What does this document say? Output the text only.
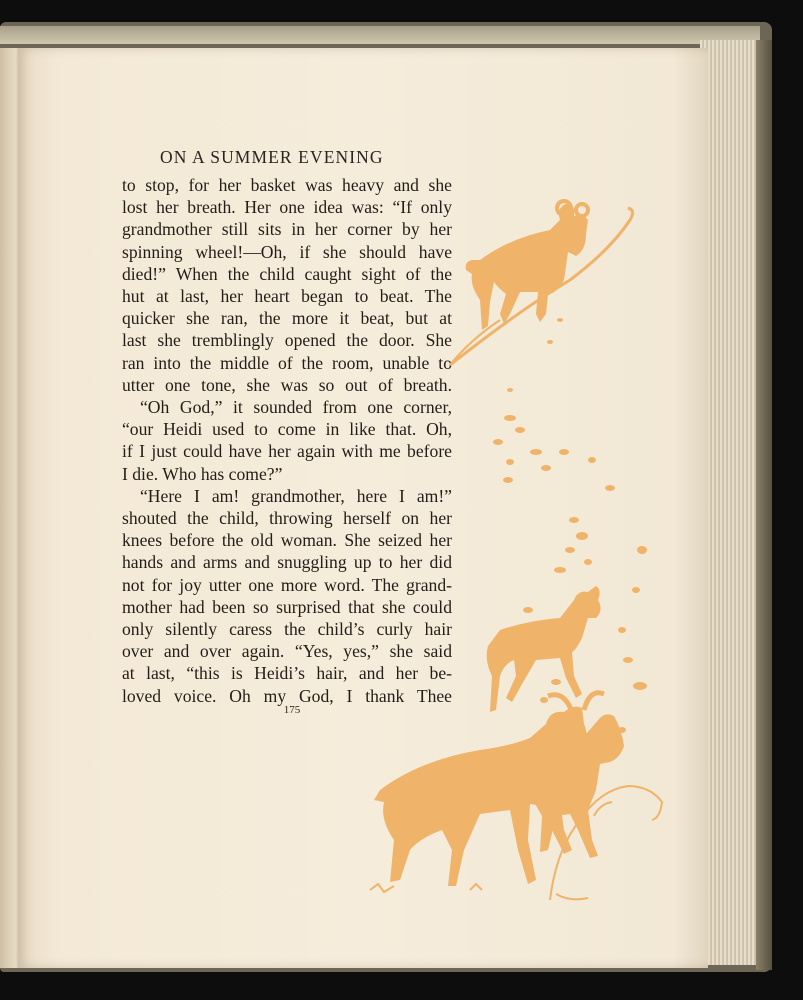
ON A SUMMER EVENING

to stop, for her basket was heavy and she

lost her breath. Her one idea was: “If only

grandmother still sits in her corner by her

spinning wheel!—Oh, if she should have

died!” When the child caught sight of the

hut at last, her heart began to beat. The

quicker she ran, the more it beat, but at

last she tremblingly opened the door. She

ran into the middle of the room, unable to

utter one tone, she was so out of breath.

“Oh God,” it sounded from one corner,

“our Heidi used to come in like that. Oh,

if I just could have her again with me before

I die. Who has come?”

“Here I am! grandmother, here I am!”

shouted the child, throwing herself on her

knees before the old woman. She seized her

hands and arms and snuggling up to her did

not for joy utter one more word. The grand-

mother had been so surprised that she could

only silently caress the child’s curly hair

over and over again. “Yes, yes,” she said

at last, “this is Heidi’s hair, and her be-

loved voice. Oh my God, I thank Thee

175
